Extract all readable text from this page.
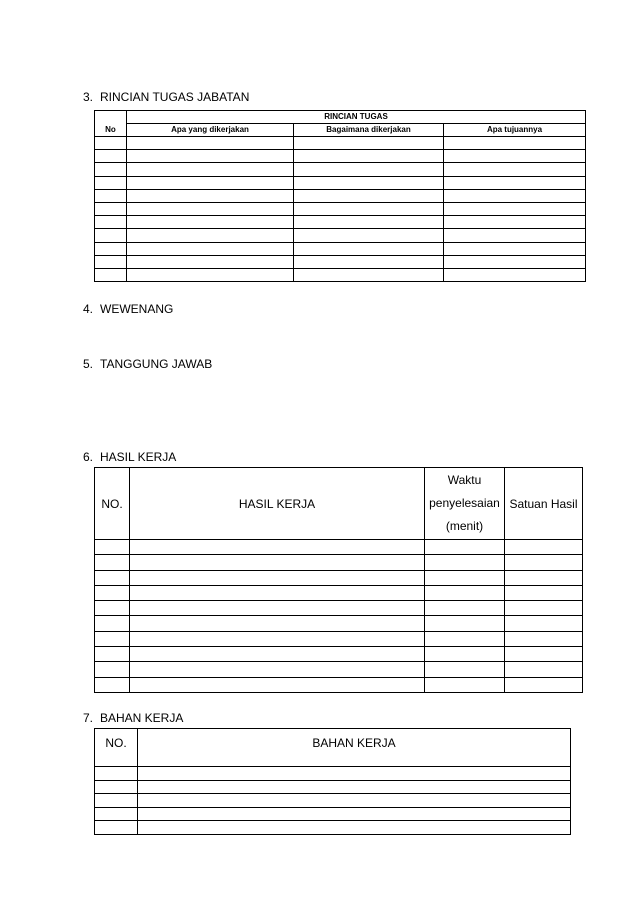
3. RINCIAN TUGAS JABATAN
	RINCIAN TUGAS		
No	Apa yang dikerjakan	Bagaimana dikerjakan	Apa tujuannya

4. WEWENANG
5. TANGGUNG JAWAB
6. HASIL KERJA
NO.	HASIL KERJA	Waktu
penyelesaian
(menit)	Satuan Hasil

7. BAHAN KERJA
NO.	BAHAN KERJA
